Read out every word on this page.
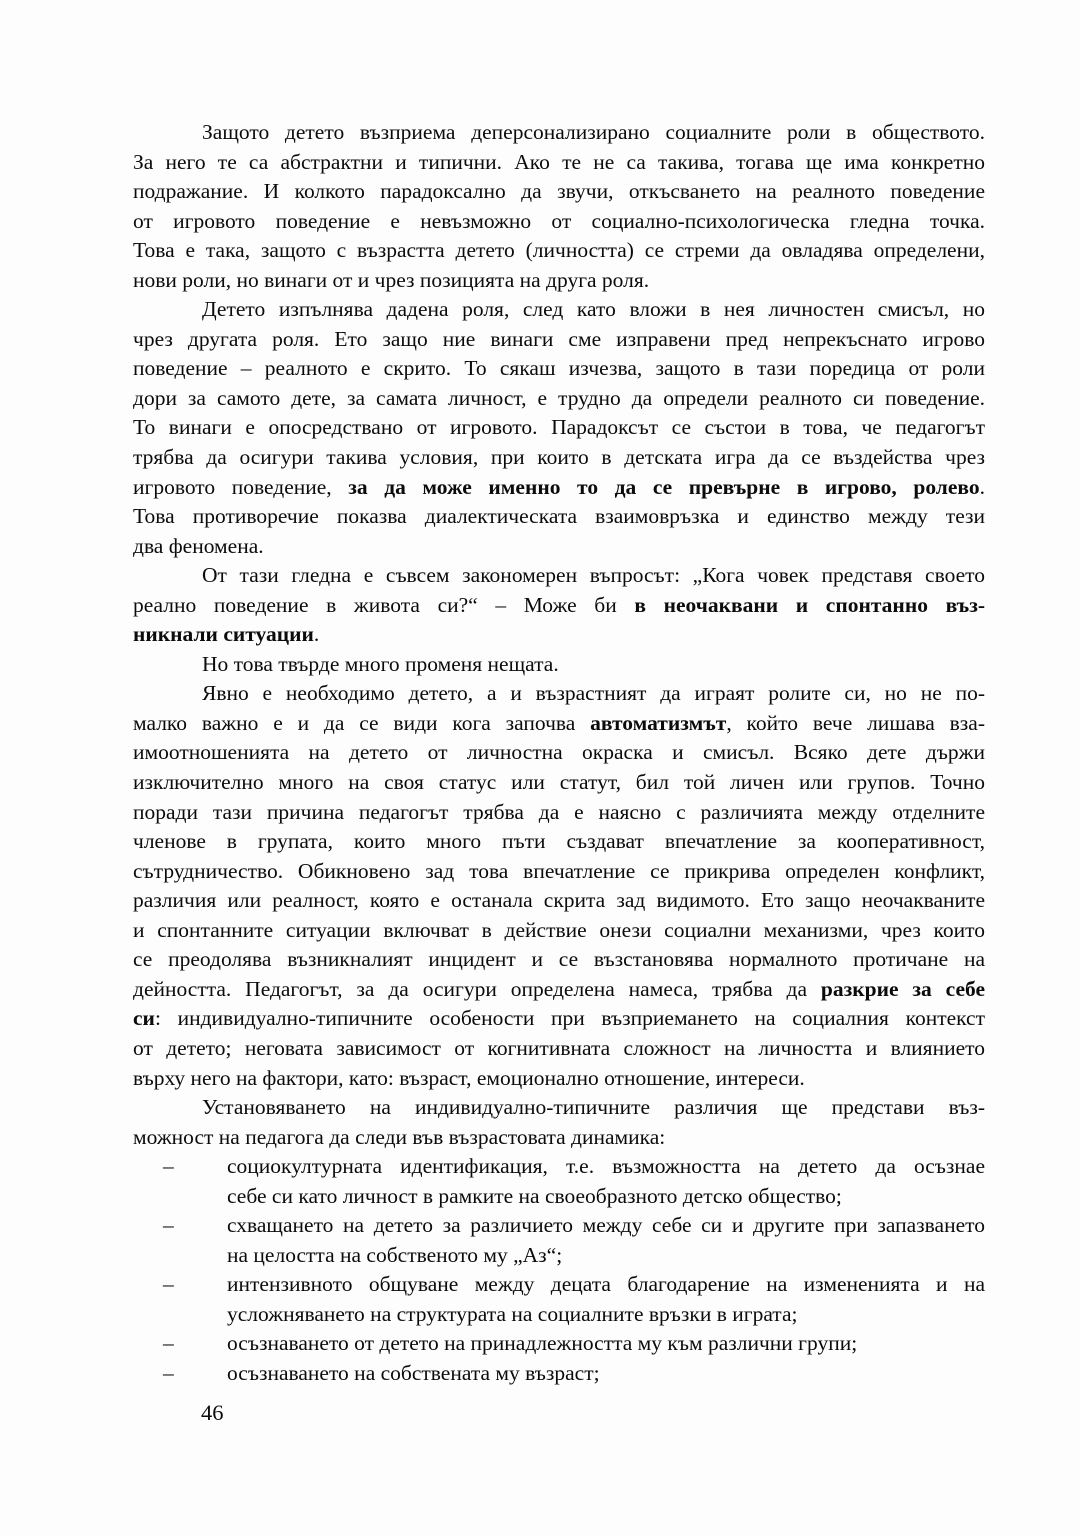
Защото детето възприема деперсонализирано социалните роли в обществото.
За него те са абстрактни и типични. Ако те не са такива, тогава ще има конкретно
подражание. И колкото парадоксално да звучи, откъсването на реалното поведение
от игровото поведение е невъзможно от социално-психологическа гледна точка.
Това е така, защото с възрастта детето (личността) се стреми да овладява определени,
нови роли, но винаги от и чрез позицията на друга роля.
Детето изпълнява дадена роля, след като вложи в нея личностен смисъл, но
чрез другата роля. Ето защо ние винаги сме изправени пред непрекъснато игрово
поведение – реалното е скрито. То сякаш изчезва, защото в тази поредица от роли
дори за самото дете, за самата личност, е трудно да определи реалното си поведение.
То винаги е опосредствано от игровото. Парадоксът се състои в това, че педагогът
трябва да осигури такива условия, при които в детската игра да се въздейства чрез
игровото поведение, за да може именно то да се превърне в игрово, ролево.
Това противоречие показва диалектическата взаимовръзка и единство между тези
два феномена.
От тази гледна е съвсем закономерен въпросът: „Кога човек представя своето
реално поведение в живота си?“ – Може би в неочаквани и спонтанно въз-
никнали ситуации.
Но това твърде много променя нещата.
Явно е необходимо детето, а и възрастният да играят ролите си, но не по-
малко важно е и да се види кога започва автоматизмът, който вече лишава вза-
имоотношенията на детето от личностна окраска и смисъл. Всяко дете държи
изключително много на своя статус или статут, бил той личен или групов. Точно
поради тази причина педагогът трябва да е наясно с различията между отделните
членове в групата, които много пъти създават впечатление за кооперативност,
сътрудничество. Обикновено зад това впечатление се прикрива определен конфликт,
различия или реалност, която е останала скрита зад видимото. Ето защо неочакваните
и спонтанните ситуации включват в действие онези социални механизми, чрез които
се преодолява възникналият инцидент и се възстановява нормалното протичане на
дейността. Педагогът, за да осигури определена намеса, трябва да разкрие за себе
си: индивидуално-типичните особености при възприемането на социалния контекст
от детето; неговата зависимост от когнитивната сложност на личността и влиянието
върху него на фактори, като: възраст, емоционално отношение, интереси.
Установяването на индивидуално-типичните различия ще представи въз-
можност на педагога да следи във възрастовата динамика:
– социокултурната идентификация, т.е. възможността на детето да осъзнае
себе си като личност в рамките на своеобразното детско общество;
– схващането на детето за различието между себе си и другите при запазването
на целостта на собственото му „Аз“;
– интензивното общуване между децата благодарение на измененията и на
усложняването на структурата на социалните връзки в играта;
– осъзнаването от детето на принадлежността му към различни групи;
– осъзнаването на собствената му възраст;
46
